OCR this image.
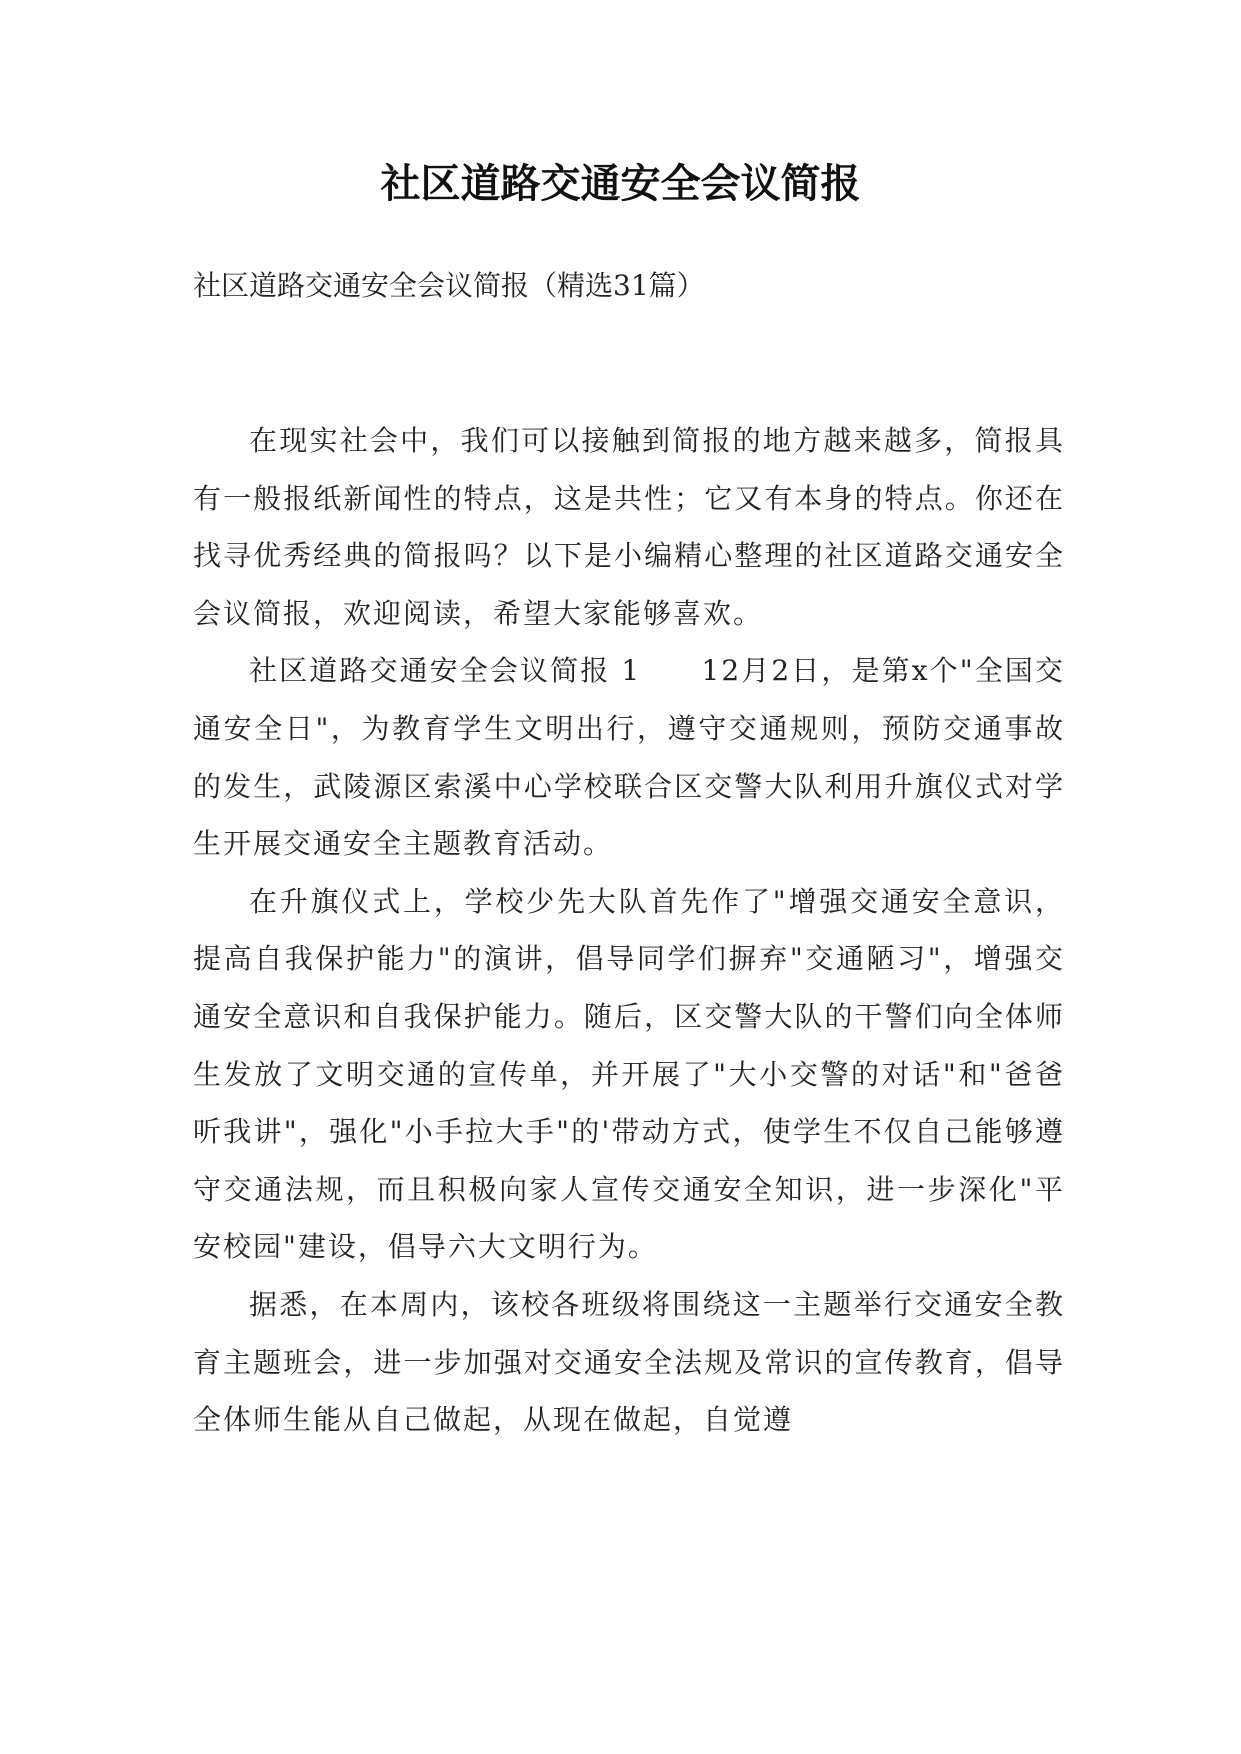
社区道路交通安全会议简报

社区道路交通安全会议简报（精选31篇）

在现实社会中，我们可以接触到简报的地方越来越多，简报具有一般报纸新闻性的特点，这是共性；它又有本身的特点。你还在找寻优秀经典的简报吗？以下是小编精心整理的社区道路交通安全会议简报，欢迎阅读，希望大家能够喜欢。

社区道路交通安全会议简报 1　　12月2日，是第x个"全国交通安全日"，为教育学生文明出行，遵守交通规则，预防交通事故的发生，武陵源区索溪中心学校联合区交警大队利用升旗仪式对学生开展交通安全主题教育活动。

在升旗仪式上，学校少先大队首先作了"增强交通安全意识，提高自我保护能力"的演讲，倡导同学们摒弃"交通陋习"，增强交通安全意识和自我保护能力。随后，区交警大队的干警们向全体师生发放了文明交通的宣传单，并开展了"大小交警的对话"和"爸爸听我讲"，强化"小手拉大手"的'带动方式，使学生不仅自己能够遵守交通法规，而且积极向家人宣传交通安全知识，进一步深化"平安校园"建设，倡导六大文明行为。

据悉，在本周内，该校各班级将围绕这一主题举行交通安全教育主题班会，进一步加强对交通安全法规及常识的宣传教育，倡导全体师生能从自己做起，从现在做起，自觉遵
